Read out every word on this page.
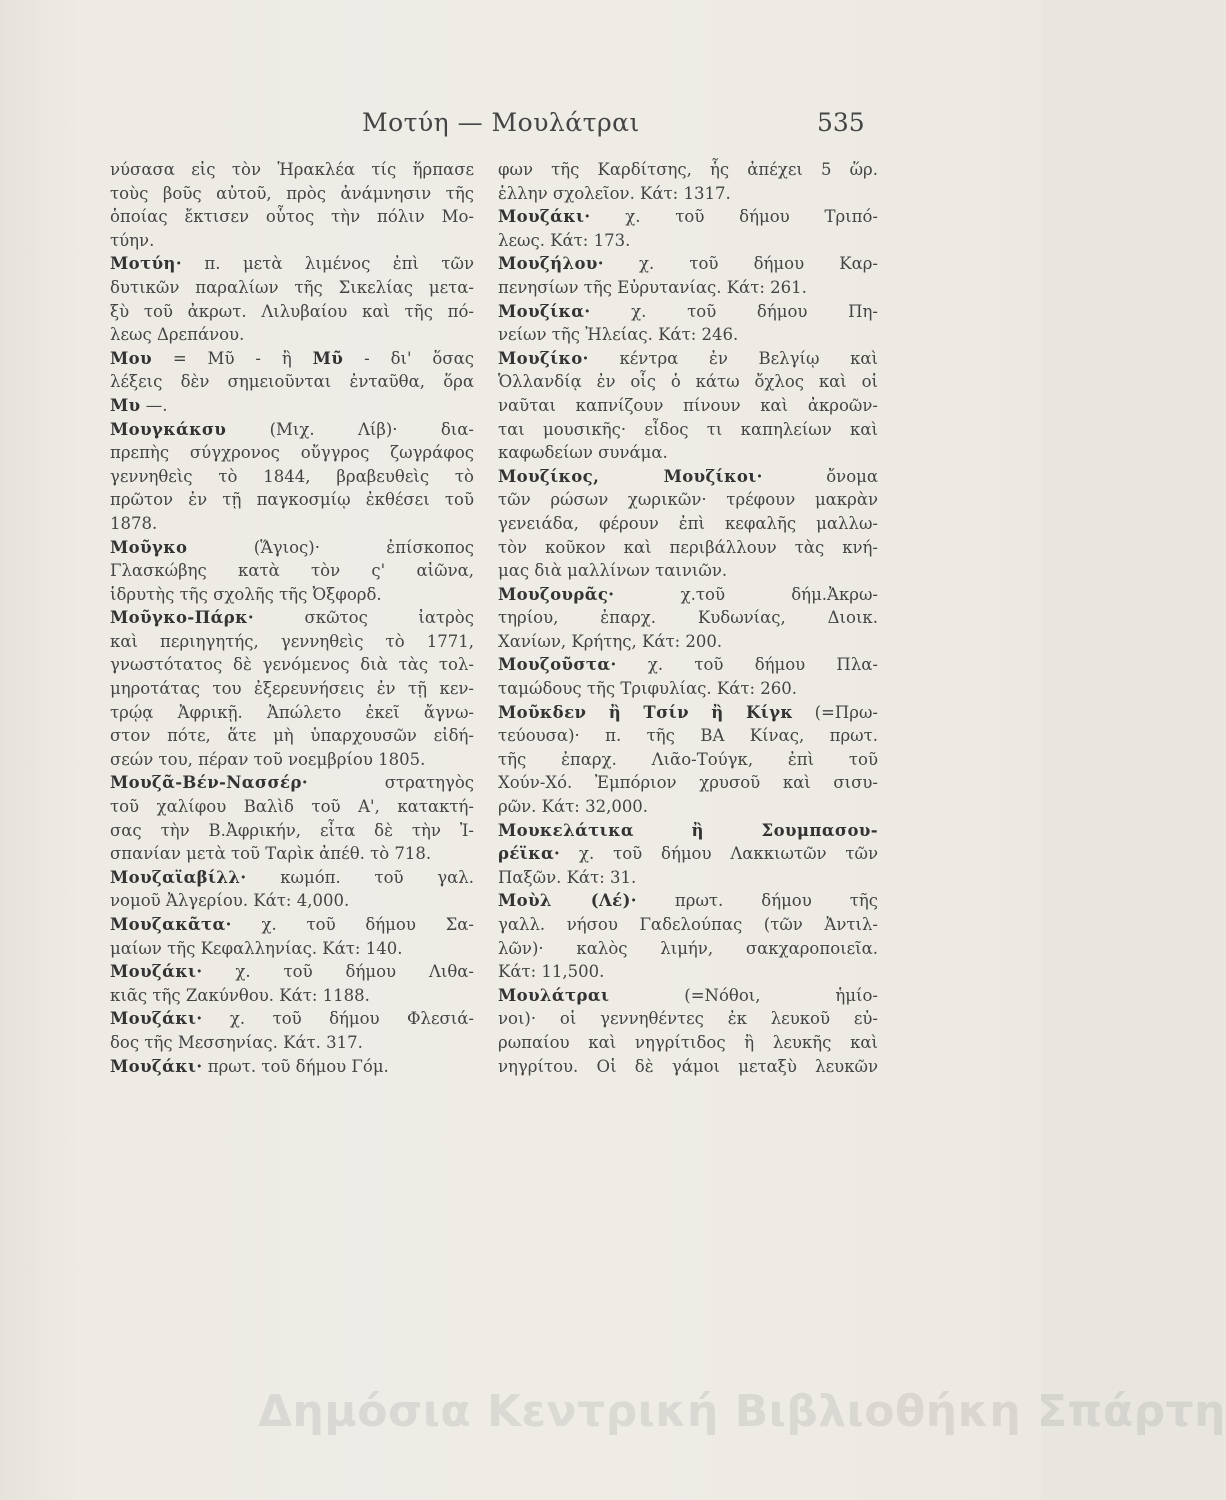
Μοτύη — Μουλάτραι	535
νύσασα εἰς τὸν Ἡρακλέα τίς ἥρπασε
τοὺς βοῦς αὐτοῦ, πρὸς ἀνάμνησιν τῆς
ὁποίας ἔκτισεν οὗτος τὴν πόλιν Μο-
τύην.
Μοτύη· π. μετὰ λιμένος ἐπὶ τῶν
δυτικῶν παραλίων τῆς Σικελίας μετα-
ξὺ τοῦ ἀκρωτ. Λιλυβαίου καὶ τῆς πό-
λεως Δρεπάνου.
Μου = Μῦ - ἢ Μῦ - δι' ὅσας
λέξεις δὲν σημειοῦνται ἐνταῦθα, ὅρα
Μυ —.
Μουγκάκσυ (Μιχ. Λίβ)· δια-
πρεπὴς σύγχρονος οὔγγρος ζωγράφος
γεννηθεὶς τὸ 1844, βραβευθεὶς τὸ
πρῶτον ἐν τῇ παγκοσμίῳ ἐκθέσει τοῦ
1878.
Μοῦγκο (Ἅγιος)· ἐπίσκοπος
Γλασκώβης κατὰ τὸν ς' αἰῶνα,
ἱδρυτὴς τῆς σχολῆς τῆς Ὀξφορδ.
Μοῦγκο-Πάρκ· σκῶτος ἰατρὸς
καὶ περιηγητής, γεννηθεὶς τὸ 1771,
γνωστότατος δὲ γενόμενος διὰ τὰς τολ-
μηροτάτας του ἐξερευνήσεις ἐν τῇ κεν-
τρῴᾳ Ἀφρικῇ. Ἀπώλετο ἐκεῖ ἄγνω-
στον πότε, ἅτε μὴ ὑπαρχουσῶν εἰδή-
σεών του, πέραν τοῦ νοεμβρίου 1805.
Μουζᾶ-Βέν-Νασσέρ· στρατηγὸς
τοῦ χαλίφου Βαλὶδ τοῦ Α', κατακτή-
σας τὴν Β.Ἀφρικήν, εἶτα δὲ τὴν Ἰ-
σπανίαν μετὰ τοῦ Ταρὶκ ἀπέθ. τὸ 718.
Μουζαϊαβίλλ· κωμόπ. τοῦ γαλ.
νομοῦ Ἀλγερίου. Κάτ: 4,000.
Μουζακᾶτα· χ. τοῦ δήμου Σα-
μαίων τῆς Κεφαλληνίας. Κάτ: 140.
Μουζάκι· χ. τοῦ δήμου Λιθα-
κιᾶς τῆς Ζακύνθου. Κάτ: 1188.
Μουζάκι· χ. τοῦ δήμου Φλεσιά-
δος τῆς Μεσσηνίας. Κάτ. 317.
Μουζάκι· πρωτ. τοῦ δήμου Γόμ.
φων τῆς Καρδίτσης, ἧς ἀπέχει 5 ὥρ.
ἑλλην σχολεῖον. Κάτ: 1317.
Μουζάκι· χ. τοῦ δήμου Τριπό-
λεως. Κάτ: 173.
Μουζήλου· χ. τοῦ δήμου Καρ-
πενησίων τῆς Εὐρυτανίας. Κάτ: 261.
Μουζίκα· χ. τοῦ δήμου Πη-
νείων τῆς Ἠλείας. Κάτ: 246.
Μουζίκο· κέντρα ἐν Βελγίῳ καὶ
Ὁλλανδίᾳ ἐν οἷς ὁ κάτω ὄχλος καὶ οἱ
ναῦται καπνίζουν πίνουν καὶ ἀκροῶν-
ται μουσικῆς· εἶδος τι καπηλείων καὶ
καφωδείων συνάμα.
Μουζίκος, Μουζίκοι· ὄνομα
τῶν ρώσων χωρικῶν· τρέφουν μακρὰν
γενειάδα, φέρουν ἐπὶ κεφαλῆς μαλλω-
τὸν κοῦκον καὶ περιβάλλουν τὰς κνή-
μας διὰ μαλλίνων ταινιῶν.
Μουζουρᾶς· χ.τοῦ δήμ.Ἀκρω-
τηρίου, ἐπαρχ. Κυδωνίας, Διοικ.
Χανίων, Κρήτης, Κάτ: 200.
Μουζοῦστα· χ. τοῦ δήμου Πλα-
ταμώδους τῆς Τριφυλίας. Κάτ: 260.
Μοῦκδεν ἢ Τσίν ἢ Κίγκ (=Πρω-
τεύουσα)· π. τῆς ΒΑ Κίνας, πρωτ.
τῆς ἐπαρχ. Λιᾶο-Τούγκ, ἐπὶ τοῦ
Χούν-Χό. Ἐμπόριον χρυσοῦ καὶ σισυ-
ρῶν. Κάτ: 32,000.
Μουκελάτικα ἢ Σουμπασου-
ρέϊκα· χ. τοῦ δήμου Λακκιωτῶν τῶν
Παξῶν. Κάτ: 31.
Μοὺλ (Λέ)· πρωτ. δήμου τῆς
γαλλ. νήσου Γαδελούπας (τῶν Ἀντιλ-
λῶν)· καλὸς λιμήν, σακχαροποιεῖα.
Κάτ: 11,500.
Μουλάτραι (=Νόθοι, ἡμίο-
νοι)· οἱ γεννηθέντες ἐκ λευκοῦ εὐ-
ρωπαίου καὶ νηγρίτιδος ἢ λευκῆς καὶ
νηγρίτου. Οἱ δὲ γάμοι μεταξὺ λευκῶν
Δημόσια Κεντρική Βιβλιοθήκη Σπάρτη
